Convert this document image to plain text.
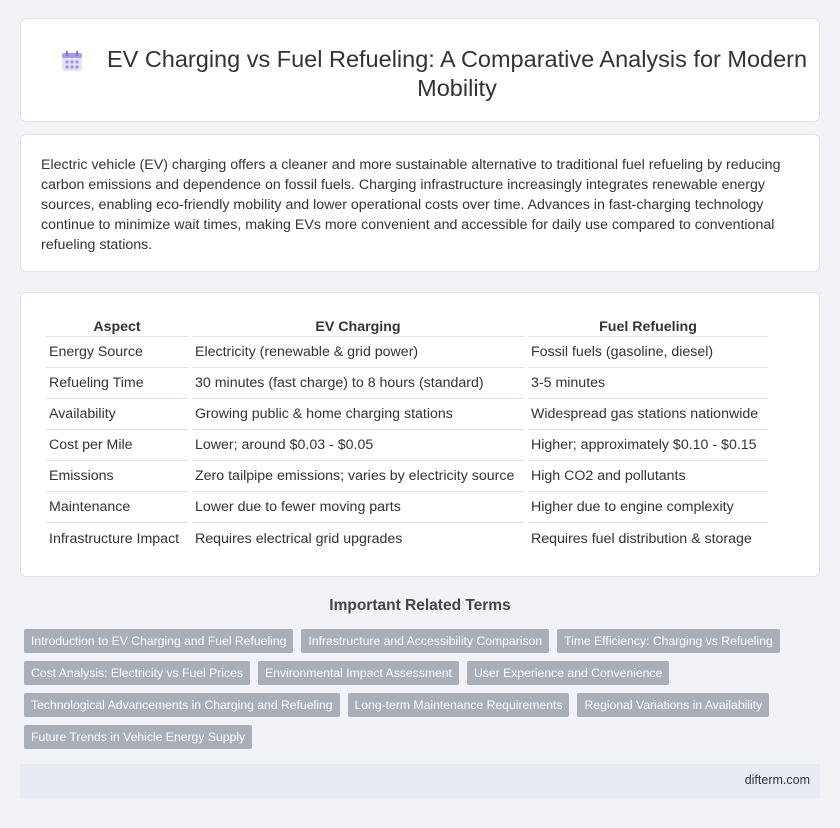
EV Charging vs Fuel Refueling: A Comparative Analysis for Modern Mobility

Electric vehicle (EV) charging offers a cleaner and more sustainable alternative to traditional fuel refueling by reducing carbon emissions and dependence on fossil fuels. Charging infrastructure increasingly integrates renewable energy sources, enabling eco-friendly mobility and lower operational costs over time. Advances in fast-charging technology continue to minimize wait times, making EVs more convenient and accessible for daily use compared to conventional refueling stations.

Aspect	EV Charging	Fuel Refueling
Energy Source	Electricity (renewable & grid power)	Fossil fuels (gasoline, diesel)
Refueling Time	30 minutes (fast charge) to 8 hours (standard)	3-5 minutes
Availability	Growing public & home charging stations	Widespread gas stations nationwide
Cost per Mile	Lower; around $0.03 - $0.05	Higher; approximately $0.10 - $0.15
Emissions	Zero tailpipe emissions; varies by electricity source	High CO2 and pollutants
Maintenance	Lower due to fewer moving parts	Higher due to engine complexity
Infrastructure Impact	Requires electrical grid upgrades	Requires fuel distribution & storage
Important Related Terms
Introduction to EV Charging and Fuel Refueling	Infrastructure and Accessibility Comparison	Time Efficiency: Charging vs Refueling
Cost Analysis: Electricity vs Fuel Prices	Environmental Impact Assessment	User Experience and Convenience
Technological Advancements in Charging and Refueling	Long-term Maintenance Requirements	Regional Variations in Availability
Future Trends in Vehicle Energy Supply
difterm.com
